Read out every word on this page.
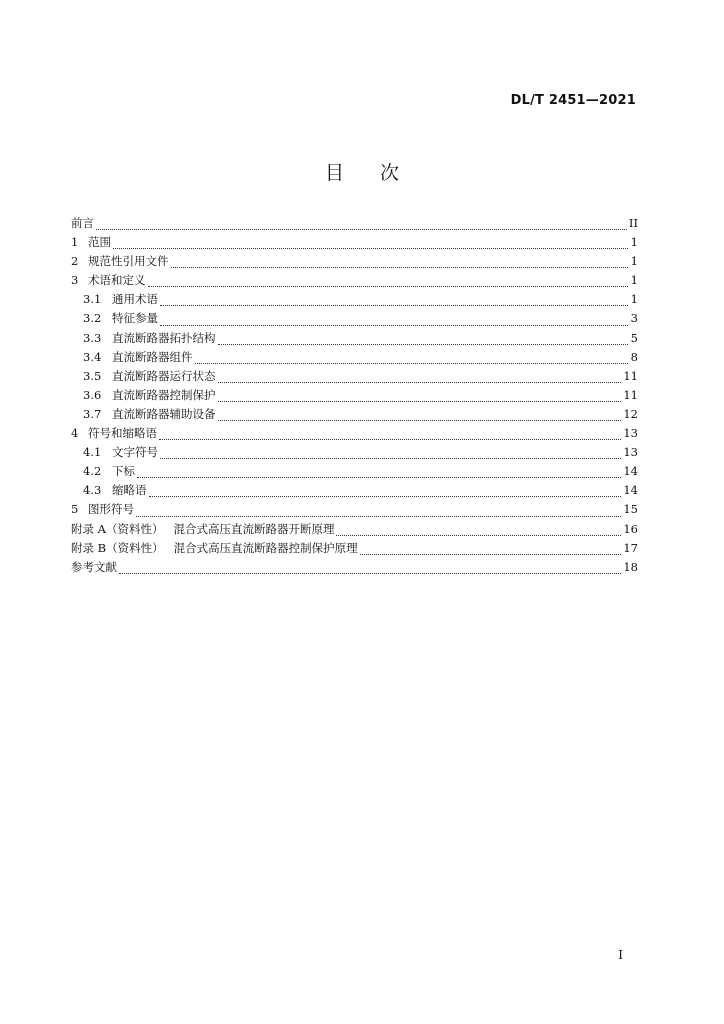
DL/T 2451—2021
目 次
前言	II
1 范围	1
2 规范性引用文件	1
3 术语和定义	1
3.1 通用术语	1
3.2 特征参量	3
3.3 直流断路器拓扑结构	5
3.4 直流断路器组件	8
3.5 直流断路器运行状态	11
3.6 直流断路器控制保护	11
3.7 直流断路器辅助设备	12
4 符号和缩略语	13
4.1 文字符号	13
4.2 下标	14
4.3 缩略语	14
5 图形符号	15
附录 A（资料性） 混合式高压直流断路器开断原理	16
附录 B（资料性） 混合式高压直流断路器控制保护原理	17
参考文献	18
I
